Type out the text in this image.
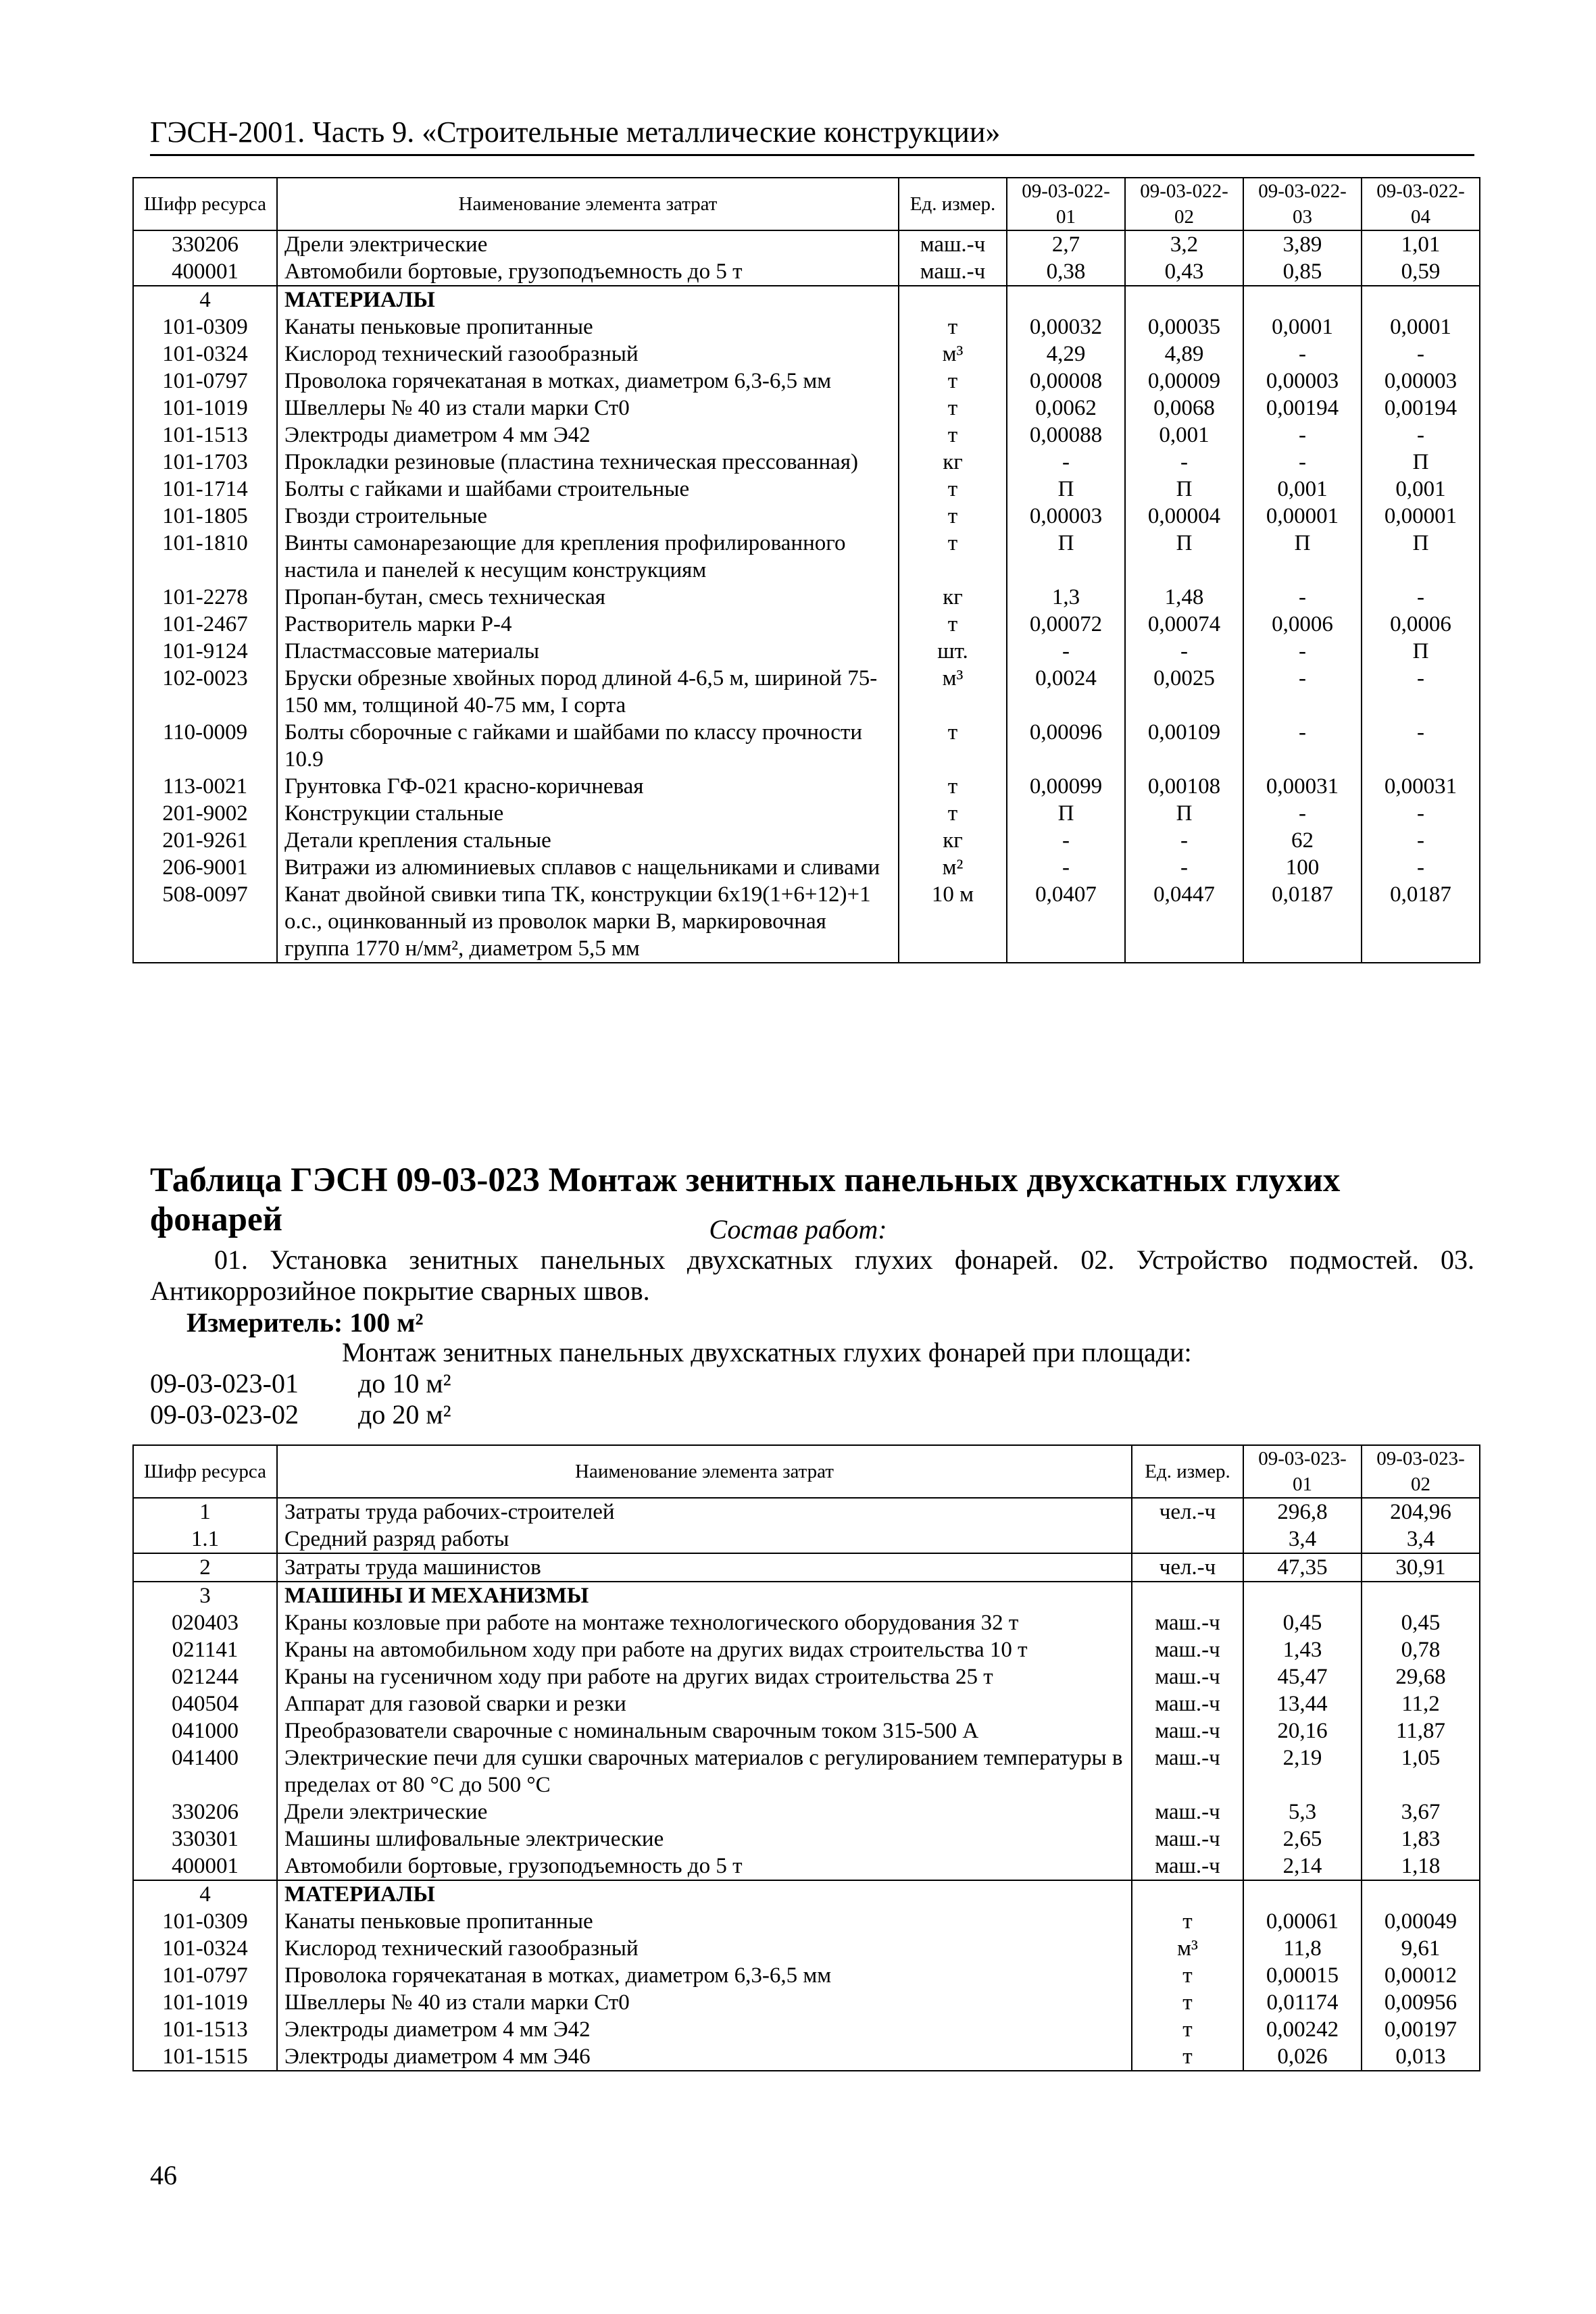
ГЭСН-2001. Часть 9. «Строительные металлические конструкции»
Шифр ресурса	Наименование элемента затрат	Ед. измер.	09-03-022-01	09-03-022-02	09-03-022-03	09-03-022-04
330206	Дрели электрические	маш.-ч	2,7	3,2	3,89	1,01
400001	Автомобили бортовые, грузоподъемность до 5 т	маш.-ч	0,38	0,43	0,85	0,59
4	МАТЕРИАЛЫ					
101-0309	Канаты пеньковые пропитанные	т	0,00032	0,00035	0,0001	0,0001
101-0324	Кислород технический газообразный	м³	4,29	4,89	-	-
101-0797	Проволока горячекатаная в мотках, диаметром 6,3-6,5 мм	т	0,00008	0,00009	0,00003	0,00003
101-1019	Швеллеры № 40 из стали марки Ст0	т	0,0062	0,0068	0,00194	0,00194
101-1513	Электроды диаметром 4 мм Э42	т	0,00088	0,001	-	-
101-1703	Прокладки резиновые (пластина техническая прессованная)	кг	-	-	-	П
101-1714	Болты с гайками и шайбами строительные	т	П	П	0,001	0,001
101-1805	Гвозди строительные	т	0,00003	0,00004	0,00001	0,00001
101-1810	Винты самонарезающие для крепления профилированного настила и панелей к несущим конструкциям	т	П	П	П	П
101-2278	Пропан-бутан, смесь техническая	кг	1,3	1,48	-	-
101-2467	Растворитель марки Р-4	т	0,00072	0,00074	0,0006	0,0006
101-9124	Пластмассовые материалы	шт.	-	-	-	П
102-0023	Бруски обрезные хвойных пород длиной 4-6,5 м, шириной 75-150 мм, толщиной 40-75 мм, I сорта	м³	0,0024	0,0025	-	-
110-0009	Болты сборочные с гайками и шайбами по классу прочности 10.9	т	0,00096	0,00109	-	-
113-0021	Грунтовка ГФ-021 красно-коричневая	т	0,00099	0,00108	0,00031	0,00031
201-9002	Конструкции стальные	т	П	П	-	-
201-9261	Детали крепления стальные	кг	-	-	62	-
206-9001	Витражи из алюминиевых сплавов с нащельниками и сливами	м²	-	-	100	-
508-0097	Канат двойной свивки типа ТК, конструкции 6х19(1+6+12)+1 о.с., оцинкованный из проволок марки В, маркировочная группа 1770 н/мм², диаметром 5,5 мм	10 м	0,0407	0,0447	0,0187	0,0187
Таблица ГЭСН 09-03-023 Монтаж зенитных панельных двухскатных глухих фонарей	Состав работ:
01. Установка зенитных панельных двухскатных глухих фонарей. 02. Устройство подмостей. 03. Антикоррозийное покрытие сварных швов.
Измеритель: 100 м²
Монтаж зенитных панельных двухскатных глухих фонарей при площади:
09-03-023-01 до 10 м²
09-03-023-02 до 20 м²
Шифр ресурса	Наименование элемента затрат	Ед. измер.	09-03-023-01	09-03-023-02
1	Затраты труда рабочих-строителей	чел.-ч	296,8	204,96
1.1	Средний разряд работы		3,4	3,4
2	Затраты труда машинистов	чел.-ч	47,35	30,91
3	МАШИНЫ И МЕХАНИЗМЫ			
020403	Краны козловые при работе на монтаже технологического оборудования 32 т	маш.-ч	0,45	0,45
021141	Краны на автомобильном ходу при работе на других видах строительства 10 т	маш.-ч	1,43	0,78
021244	Краны на гусеничном ходу при работе на других видах строительства 25 т	маш.-ч	45,47	29,68
040504	Аппарат для газовой сварки и резки	маш.-ч	13,44	11,2
041000	Преобразователи сварочные с номинальным сварочным током 315-500 А	маш.-ч	20,16	11,87
041400	Электрические печи для сушки сварочных материалов с регулированием температуры в пределах от 80 °С до 500 °С	маш.-ч	2,19	1,05
330206	Дрели электрические	маш.-ч	5,3	3,67
330301	Машины шлифовальные электрические	маш.-ч	2,65	1,83
400001	Автомобили бортовые, грузоподъемность до 5 т	маш.-ч	2,14	1,18
4	МАТЕРИАЛЫ			
101-0309	Канаты пеньковые пропитанные	т	0,00061	0,00049
101-0324	Кислород технический газообразный	м³	11,8	9,61
101-0797	Проволока горячекатаная в мотках, диаметром 6,3-6,5 мм	т	0,00015	0,00012
101-1019	Швеллеры № 40 из стали марки Ст0	т	0,01174	0,00956
101-1513	Электроды диаметром 4 мм Э42	т	0,00242	0,00197
101-1515	Электроды диаметром 4 мм Э46	т	0,026	0,013
46
